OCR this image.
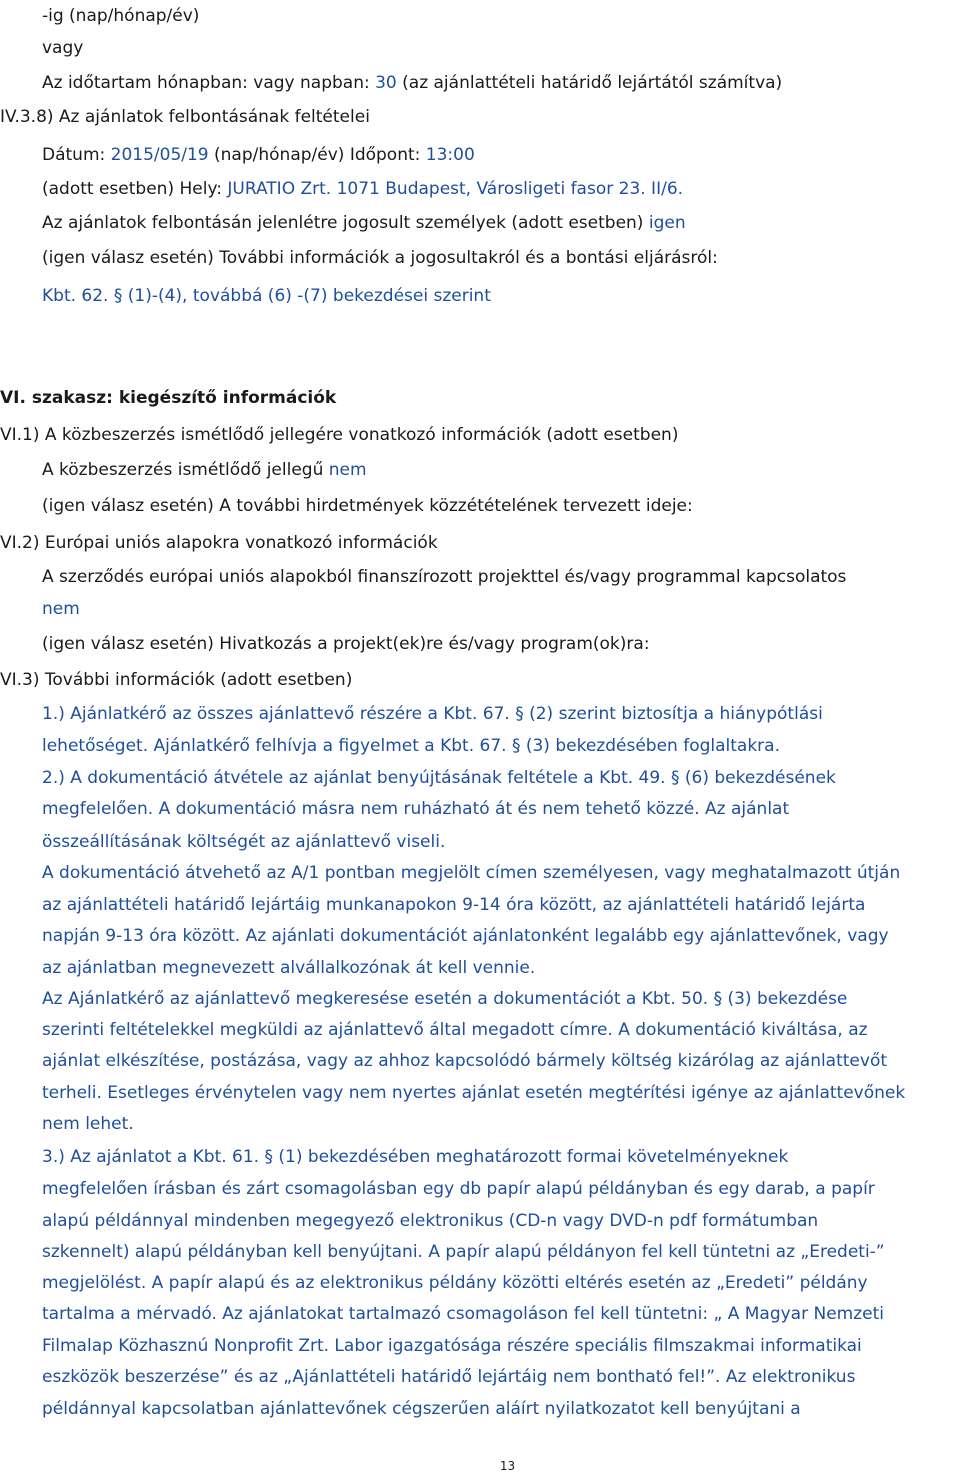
-ig (nap/hónap/év)
vagy
Az időtartam hónapban: vagy napban: 30 (az ajánlattételi határidő lejártától számítva)
IV.3.8) Az ajánlatok felbontásának feltételei
Dátum: 2015/05/19 (nap/hónap/év) Időpont: 13:00
(adott esetben) Hely: JURATIO Zrt. 1071 Budapest, Városligeti fasor 23. II/6.
Az ajánlatok felbontásán jelenlétre jogosult személyek (adott esetben) igen
(igen válasz esetén) További információk a jogosultakról és a bontási eljárásról:
Kbt. 62. § (1)-(4), továbbá (6) -(7) bekezdései szerint
VI. szakasz: kiegészítő információk
VI.1) A közbeszerzés ismétlődő jellegére vonatkozó információk (adott esetben)
A közbeszerzés ismétlődő jellegű nem
(igen válasz esetén) A további hirdetmények közzétételének tervezett ideje:
VI.2) Európai uniós alapokra vonatkozó információk
A szerződés európai uniós alapokból finanszírozott projekttel és/vagy programmal kapcsolatos
nem
(igen válasz esetén) Hivatkozás a projekt(ek)re és/vagy program(ok)ra:
VI.3) További információk (adott esetben)
1.) Ajánlatkérő az összes ajánlattevő részére a Kbt. 67. § (2) szerint biztosítja a hiánypótlási
lehetőséget. Ajánlatkérő felhívja a figyelmet a Kbt. 67. § (3) bekezdésében foglaltakra.
2.) A dokumentáció átvétele az ajánlat benyújtásának feltétele a Kbt. 49. § (6) bekezdésének
megfelelően. A dokumentáció másra nem ruházható át és nem tehető közzé. Az ajánlat
összeállításának költségét az ajánlattevő viseli.
A dokumentáció átvehető az A/1 pontban megjelölt címen személyesen, vagy meghatalmazott útján
az ajánlattételi határidő lejártáig munkanapokon 9-14 óra között, az ajánlattételi határidő lejárta
napján 9-13 óra között. Az ajánlati dokumentációt ajánlatonként legalább egy ajánlattevőnek, vagy
az ajánlatban megnevezett alvállalkozónak át kell vennie.
Az Ajánlatkérő az ajánlattevő megkeresése esetén a dokumentációt a Kbt. 50. § (3) bekezdése
szerinti feltételekkel megküldi az ajánlattevő által megadott címre. A dokumentáció kiváltása, az
ajánlat elkészítése, postázása, vagy az ahhoz kapcsolódó bármely költség kizárólag az ajánlattevőt
terheli. Esetleges érvénytelen vagy nem nyertes ajánlat esetén megtérítési igénye az ajánlattevőnek
nem lehet.
3.) Az ajánlatot a Kbt. 61. § (1) bekezdésében meghatározott formai követelményeknek
megfelelően írásban és zárt csomagolásban egy db papír alapú példányban és egy darab, a papír
alapú példánnyal mindenben megegyező elektronikus (CD-n vagy DVD-n pdf formátumban
szkennelt) alapú példányban kell benyújtani. A papír alapú példányon fel kell tüntetni az „Eredeti-”
megjelölést. A papír alapú és az elektronikus példány közötti eltérés esetén az „Eredeti” példány
tartalma a mérvadó. Az ajánlatokat tartalmazó csomagoláson fel kell tüntetni: „ A Magyar Nemzeti
Filmalap Közhasznú Nonprofit Zrt. Labor igazgatósága részére speciális filmszakmai informatikai
eszközök beszerzése” és az „Ajánlattételi határidő lejártáig nem bontható fel!”. Az elektronikus
példánnyal kapcsolatban ajánlattevőnek cégszerűen aláírt nyilatkozatot kell benyújtani a
13
